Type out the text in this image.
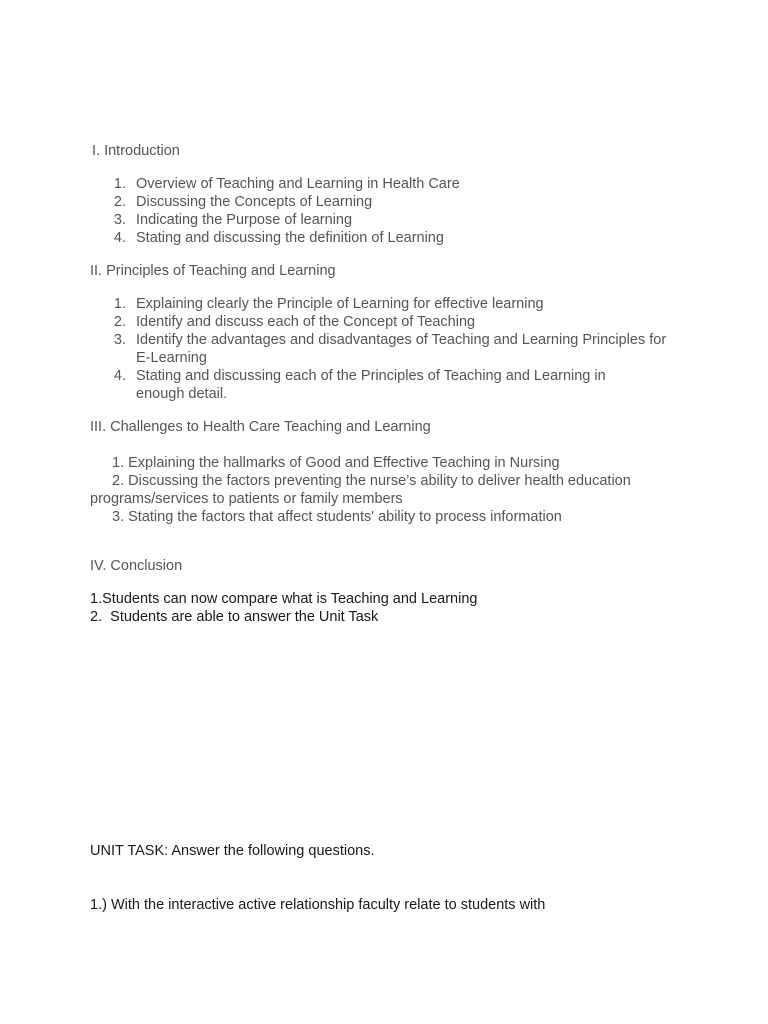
I. Introduction
1. Overview of Teaching and Learning in Health Care
2. Discussing the Concepts of Learning
3. Indicating the Purpose of learning
4. Stating and discussing the definition of Learning
II. Principles of Teaching and Learning
1. Explaining clearly the Principle of Learning for effective learning
2. Identify and discuss each of the Concept of Teaching
3. Identify the advantages and disadvantages of Teaching and Learning Principles for E-Learning
4. Stating and discussing each of the Principles of Teaching and Learning in enough detail.
III. Challenges to Health Care Teaching and Learning
1. Explaining the hallmarks of Good and Effective Teaching in Nursing
2. Discussing the factors preventing the nurse’s ability to deliver health education
programs/services to patients or family members
3. Stating the factors that affect students' ability to process information
IV. Conclusion
1.Students can now compare what is Teaching and Learning
2.  Students are able to answer the Unit Task
UNIT TASK: Answer the following questions.
1.) With the interactive active relationship faculty relate to students with
